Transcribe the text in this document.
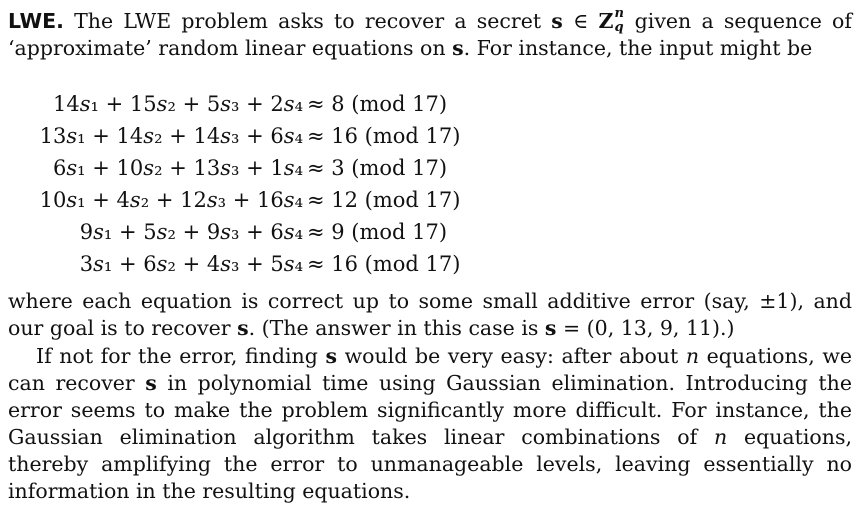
LWE. The LWE problem asks to recover a secret s ∈ Z n
q given a sequence of ‘approximate’ random linear equations on s. For instance, the input might be
14s₁ + 15s₂ + 5s₃ + 2s₄ ≈ 8 (mod 17)
13s₁ + 14s₂ + 14s₃ + 6s₄ ≈ 16 (mod 17)
6s₁ + 10s₂ + 13s₃ + 1s₄ ≈ 3 (mod 17)
10s₁ + 4s₂ + 12s₃ + 16s₄ ≈ 12 (mod 17)
9s₁ + 5s₂ + 9s₃ + 6s₄ ≈ 9 (mod 17)
3s₁ + 6s₂ + 4s₃ + 5s₄ ≈ 16 (mod 17)
where each equation is correct up to some small additive error (say, ±1), and our goal is to recover s. (The answer in this case is s = (0, 13, 9, 11).)
If not for the error, finding s would be very easy: after about n equations, we can recover s in polynomial time using Gaussian elimination. Introducing the error seems to make the problem significantly more difficult. For instance, the Gaussian elimination algorithm takes linear combinations of n equations, thereby amplifying the error to unmanageable levels, leaving essentially no information in the resulting equations.
